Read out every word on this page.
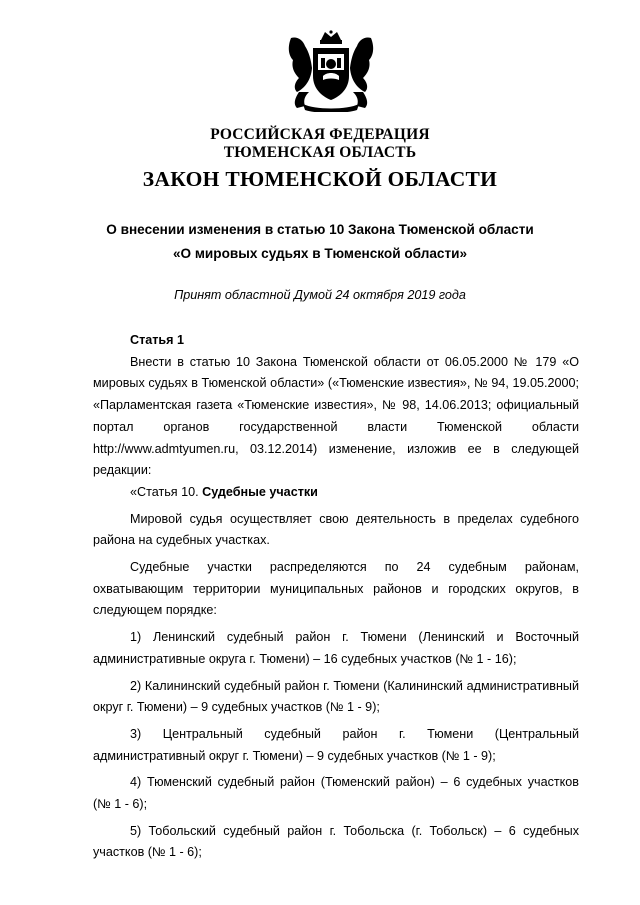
РОССИЙСКАЯ ФЕДЕРАЦИЯ
ТЮМЕНСКАЯ ОБЛАСТЬ
ЗАКОН ТЮМЕНСКОЙ ОБЛАСТИ
О внесении изменения в статью 10 Закона Тюменской области
«О мировых судьях в Тюменской области»
Принят областной Думой 24 октября 2019 года

Статья 1

Внести в статью 10 Закона Тюменской области от 06.05.2000 № 179 «О мировых судьях в Тюменской области» («Тюменские известия», № 94, 19.05.2000; «Парламентская газета «Тюменские известия», № 98, 14.06.2013; официальный портал органов государственной власти Тюменской области http://www.admtyumen.ru, 03.12.2014) изменение, изложив ее в следующей редакции:

«Статья 10. Судебные участки

Мировой судья осуществляет свою деятельность в пределах судебного района на судебных участках.

Судебные участки распределяются по 24 судебным районам, охватывающим территории муниципальных районов и городских округов, в следующем порядке:

1) Ленинский судебный район г. Тюмени (Ленинский и Восточный административные округа г. Тюмени) – 16 судебных участков (№ 1 - 16);

2) Калининский судебный район г. Тюмени (Калининский административный округ г. Тюмени) – 9 судебных участков (№ 1 - 9);

3) Центральный судебный район г. Тюмени (Центральный административный округ г. Тюмени) – 9 судебных участков (№ 1 - 9);

4) Тюменский судебный район (Тюменский район) – 6 судебных участков (№ 1 - 6);

5) Тобольский судебный район г. Тобольска (г. Тобольск) – 6 судебных участков (№ 1 - 6);
